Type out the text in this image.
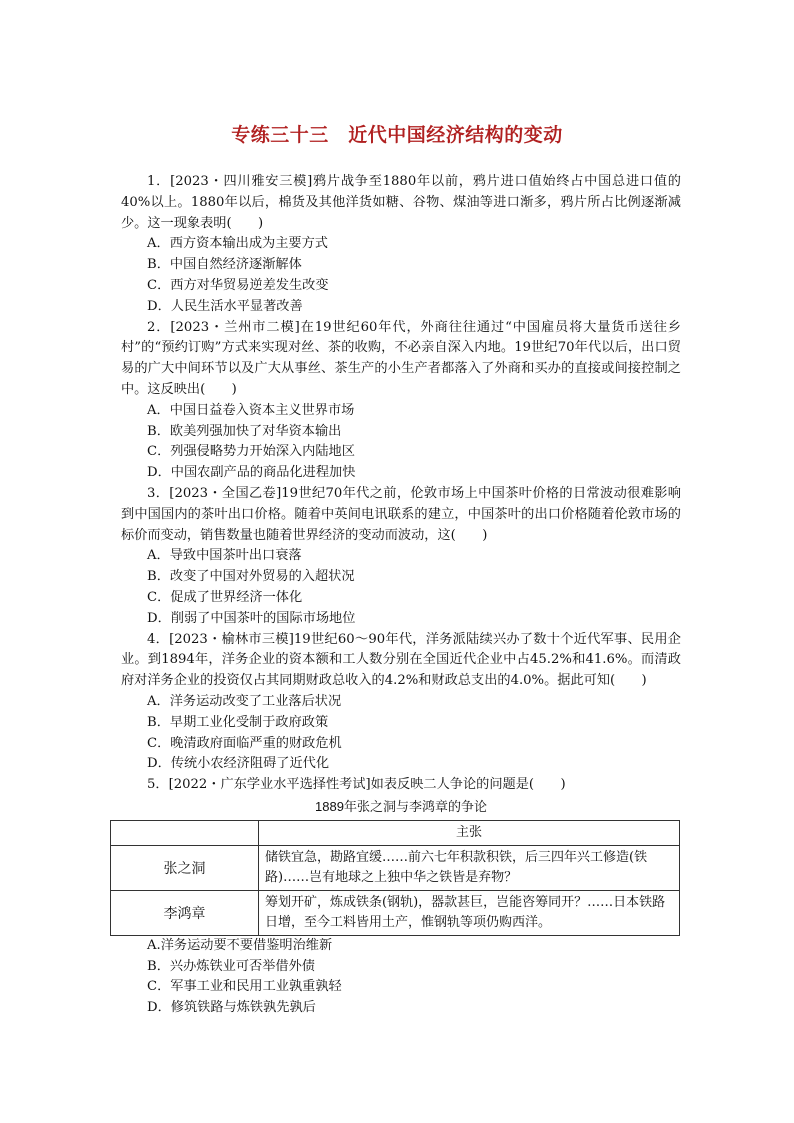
专练三十三　近代中国经济结构的变动

1．[2023・四川雅安三模]鸦片战争至1880年以前，鸦片进口值始终占中国总进口值的40%以上。1880年以后，棉货及其他洋货如糖、谷物、煤油等进口渐多，鸦片所占比例逐渐减少。这一现象表明(　　)

A．西方资本输出成为主要方式

B．中国自然经济逐渐解体

C．西方对华贸易逆差发生改变

D．人民生活水平显著改善

2．[2023・兰州市二模]在19世纪60年代，外商往往通过“中国雇员将大量货币送往乡村”的“预约订购”方式来实现对丝、茶的收购，不必亲自深入内地。19世纪70年代以后，出口贸易的广大中间环节以及广大从事丝、茶生产的小生产者都落入了外商和买办的直接或间接控制之中。这反映出(　　)

A．中国日益卷入资本主义世界市场

B．欧美列强加快了对华资本输出

C．列强侵略势力开始深入内陆地区

D．中国农副产品的商品化进程加快

3．[2023・全国乙卷]19世纪70年代之前，伦敦市场上中国茶叶价格的日常波动很难影响到中国国内的茶叶出口价格。随着中英间电讯联系的建立，中国茶叶的出口价格随着伦敦市场的标价而变动，销售数量也随着世界经济的变动而波动，这(　　)

A．导致中国茶叶出口衰落

B．改变了中国对外贸易的入超状况

C．促成了世界经济一体化

D．削弱了中国茶叶的国际市场地位

4．[2023・榆林市三模]19世纪60～90年代，洋务派陆续兴办了数十个近代军事、民用企业。到1894年，洋务企业的资本额和工人数分别在全国近代企业中占45.2%和41.6%。而清政府对洋务企业的投资仅占其同期财政总收入的4.2%和财政总支出的4.0%。据此可知(　　)

A．洋务运动改变了工业落后状况

B．早期工业化受制于政府政策

C．晚清政府面临严重的财政危机

D．传统小农经济阻碍了近代化

5．[2022・广东学业水平选择性考试]如表反映二人争论的问题是(　　)

1889年张之洞与李鸿章的争论
	主张
张之洞	储铁宜急，勘路宜缓……前六七年积款积铁，后三四年兴工修造(铁路)……岂有地球之上独中华之铁皆是弃物？
李鸿章	筹划开矿，炼成铁条(钢轨)，器款甚巨，岂能咨筹同开？……日本铁路日增，至今工料皆用土产，惟钢轨等项仍购西洋。

A.洋务运动要不要借鉴明治维新

B．兴办炼铁业可否举借外债

C．军事工业和民用工业孰重孰轻

D．修筑铁路与炼铁孰先孰后
